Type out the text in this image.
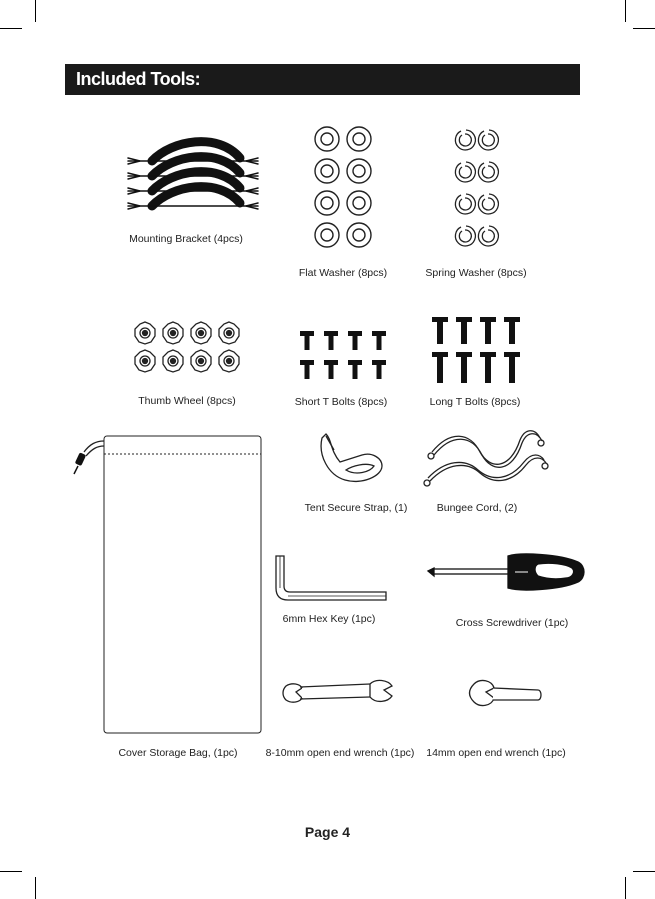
Included Tools:
Mounting Bracket (4pcs)
Flat Washer (8pcs)	Spring Washer (8pcs)
Thumb Wheel (8pcs)	Short T Bolts (8pcs)	Long T Bolts (8pcs)
Cover Storage Bag, (1pc)
Tent Secure Strap, (1)	Bungee Cord, (2)
6mm Hex Key (1pc)	Cross Screwdriver (1pc)
8-10mm open end wrench (1pc) 14mm open end wrench (1pc)
Page 4
